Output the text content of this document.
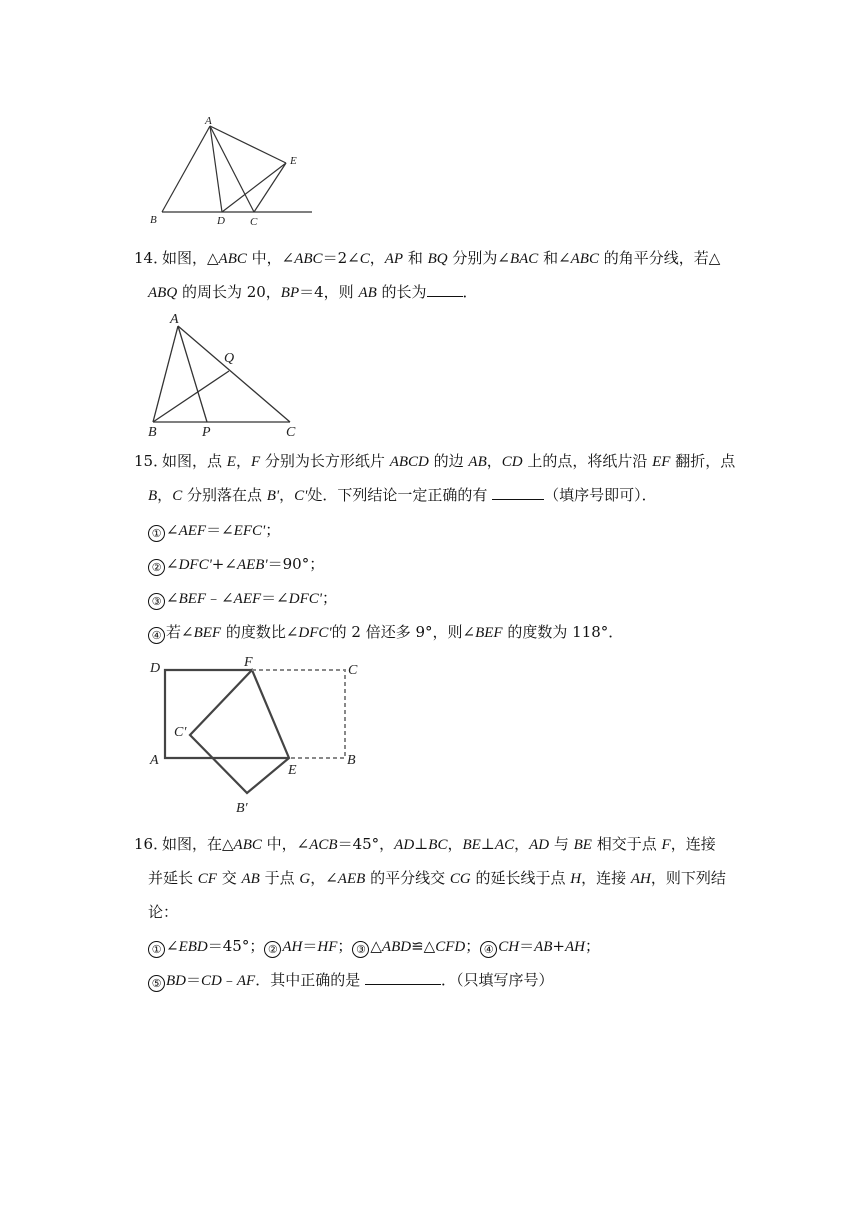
A
B	D C
E
14．
如图，△ABC 中，∠ABC＝2∠C，AP 和 BQ 分别为∠BAC 和∠ABC 的角平分线，若△
ABQ 的周长为 20，BP＝4，则 AB 的长为 ．
A
B	P	C
Q
15．
如图，点 E，F 分别为长方形纸片 ABCD 的边 AB，CD 上的点，将纸片沿 EF 翻折，点
B，C 分别落在点 B'，C'处．下列结论一定正确的有	（填序号即可）．
① ∠AEF＝∠EFC'；
② ∠DFC'+∠AEB'＝90°；
③ ∠BEF﹣∠AEF＝∠DFC'；
④ 若∠BEF 的度数比∠DFC'的 2 倍还多 9°，则∠BEF 的度数为 118°．
D	F
C
C′
A
E
B
B′
16．
如图，在△ABC 中，∠ACB＝45°，AD⊥BC，BE⊥AC，AD 与 BE 相交于点 F，连接
并延长 CF 交 AB 于点 G，∠AEB 的平分线交 CG 的延长线于点 H，连接 AH，则下列结
论：
① ∠EBD＝45°； ② AH＝HF； ③ △ABD≌△CFD； ④ CH＝AB+AH；
⑤ BD＝CD﹣AF．其中正确的是	．（只填写序号）
